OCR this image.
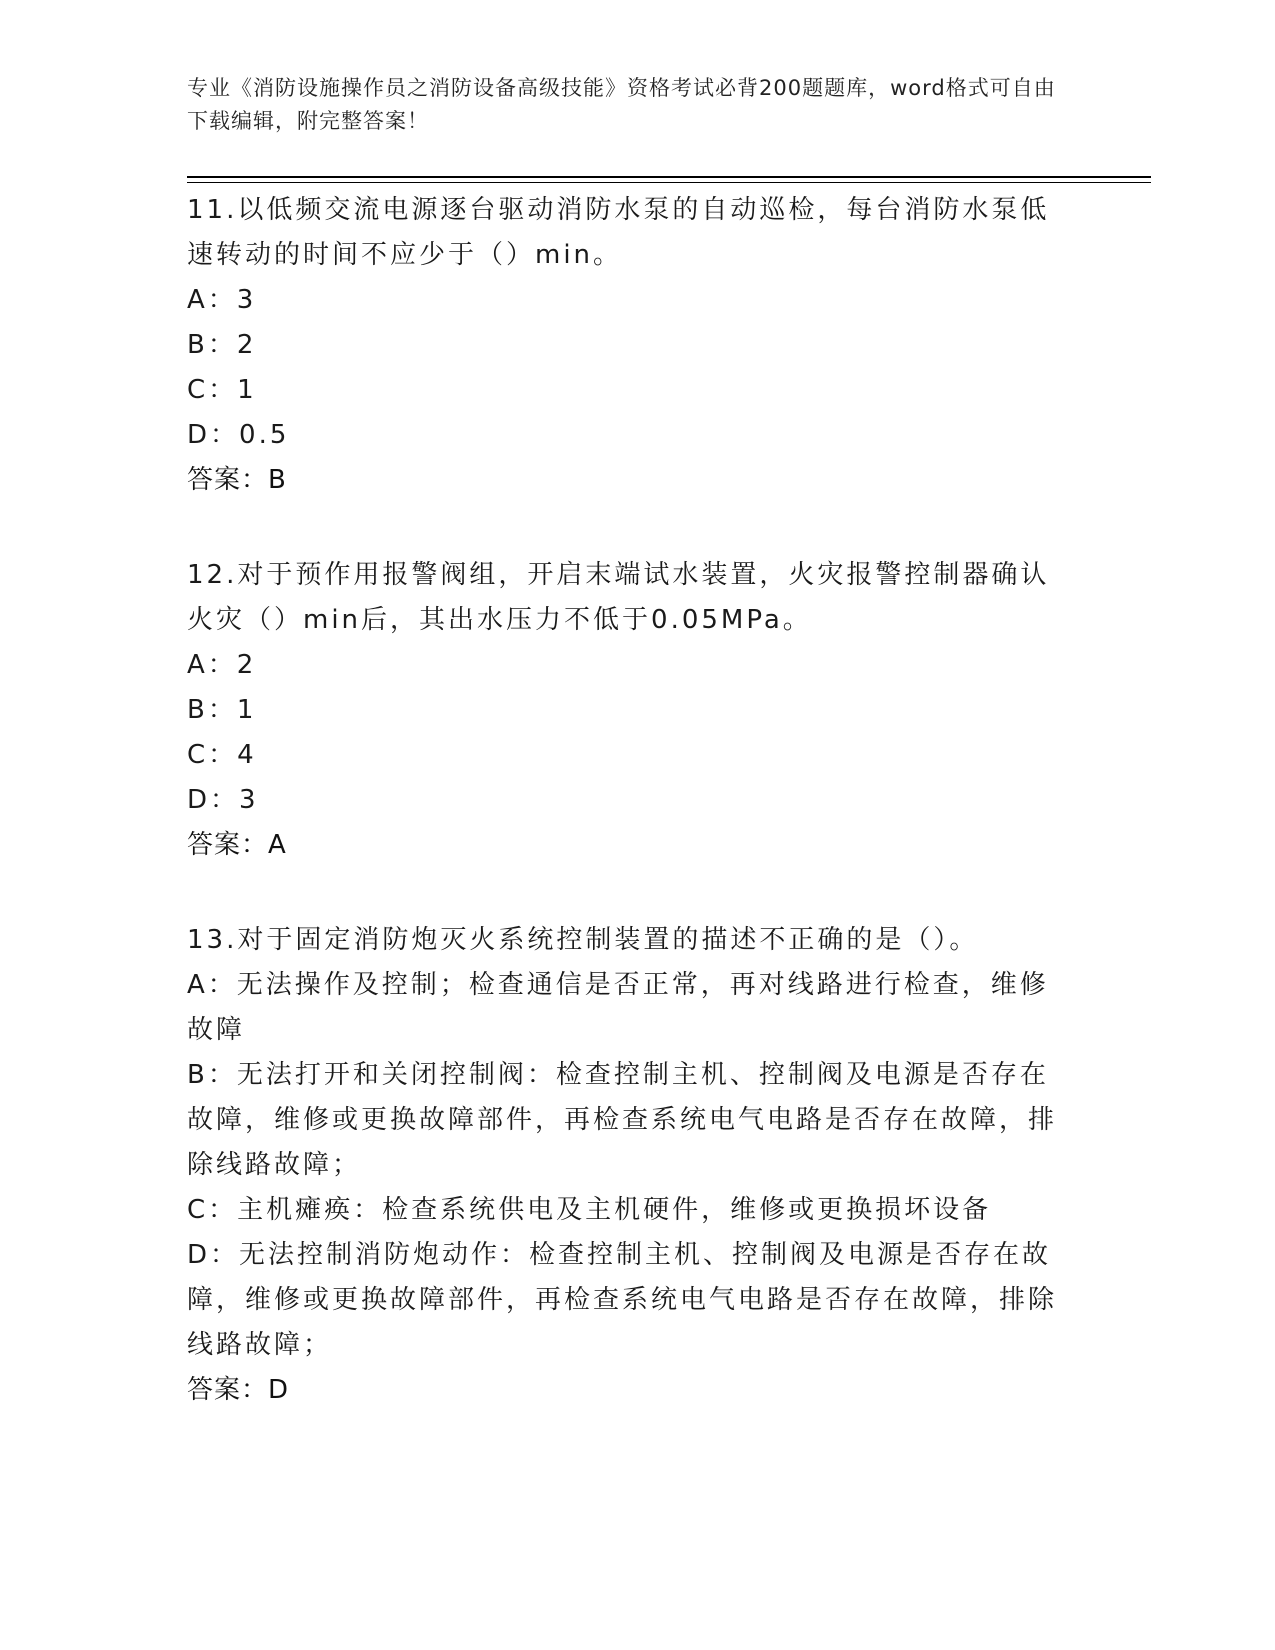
专业《消防设施操作员之消防设备高级技能》资格考试必背200题题库，word格式可自由下载编辑，附完整答案！
11.以低频交流电源逐台驱动消防水泵的自动巡检，每台消防水泵低速转动的时间不应少于（）min。
A：3
B：2
C：1
D：0.5
答案：B
12.对于预作用报警阀组，开启末端试水装置，火灾报警控制器确认火灾（）min后，其出水压力不低于0.05MPa。
A：2
B：1
C：4
D：3
答案：A
13.对于固定消防炮灭火系统控制装置的描述不正确的是（）。
A：无法操作及控制；检查通信是否正常，再对线路进行检查，维修故障
B：无法打开和关闭控制阀：检查控制主机、控制阀及电源是否存在故障，维修或更换故障部件，再检查系统电气电路是否存在故障，排除线路故障；
C：主机瘫痪：检查系统供电及主机硬件，维修或更换损坏设备
D：无法控制消防炮动作：检查控制主机、控制阀及电源是否存在故障，维修或更换故障部件，再检查系统电气电路是否存在故障，排除线路故障；
答案：D
